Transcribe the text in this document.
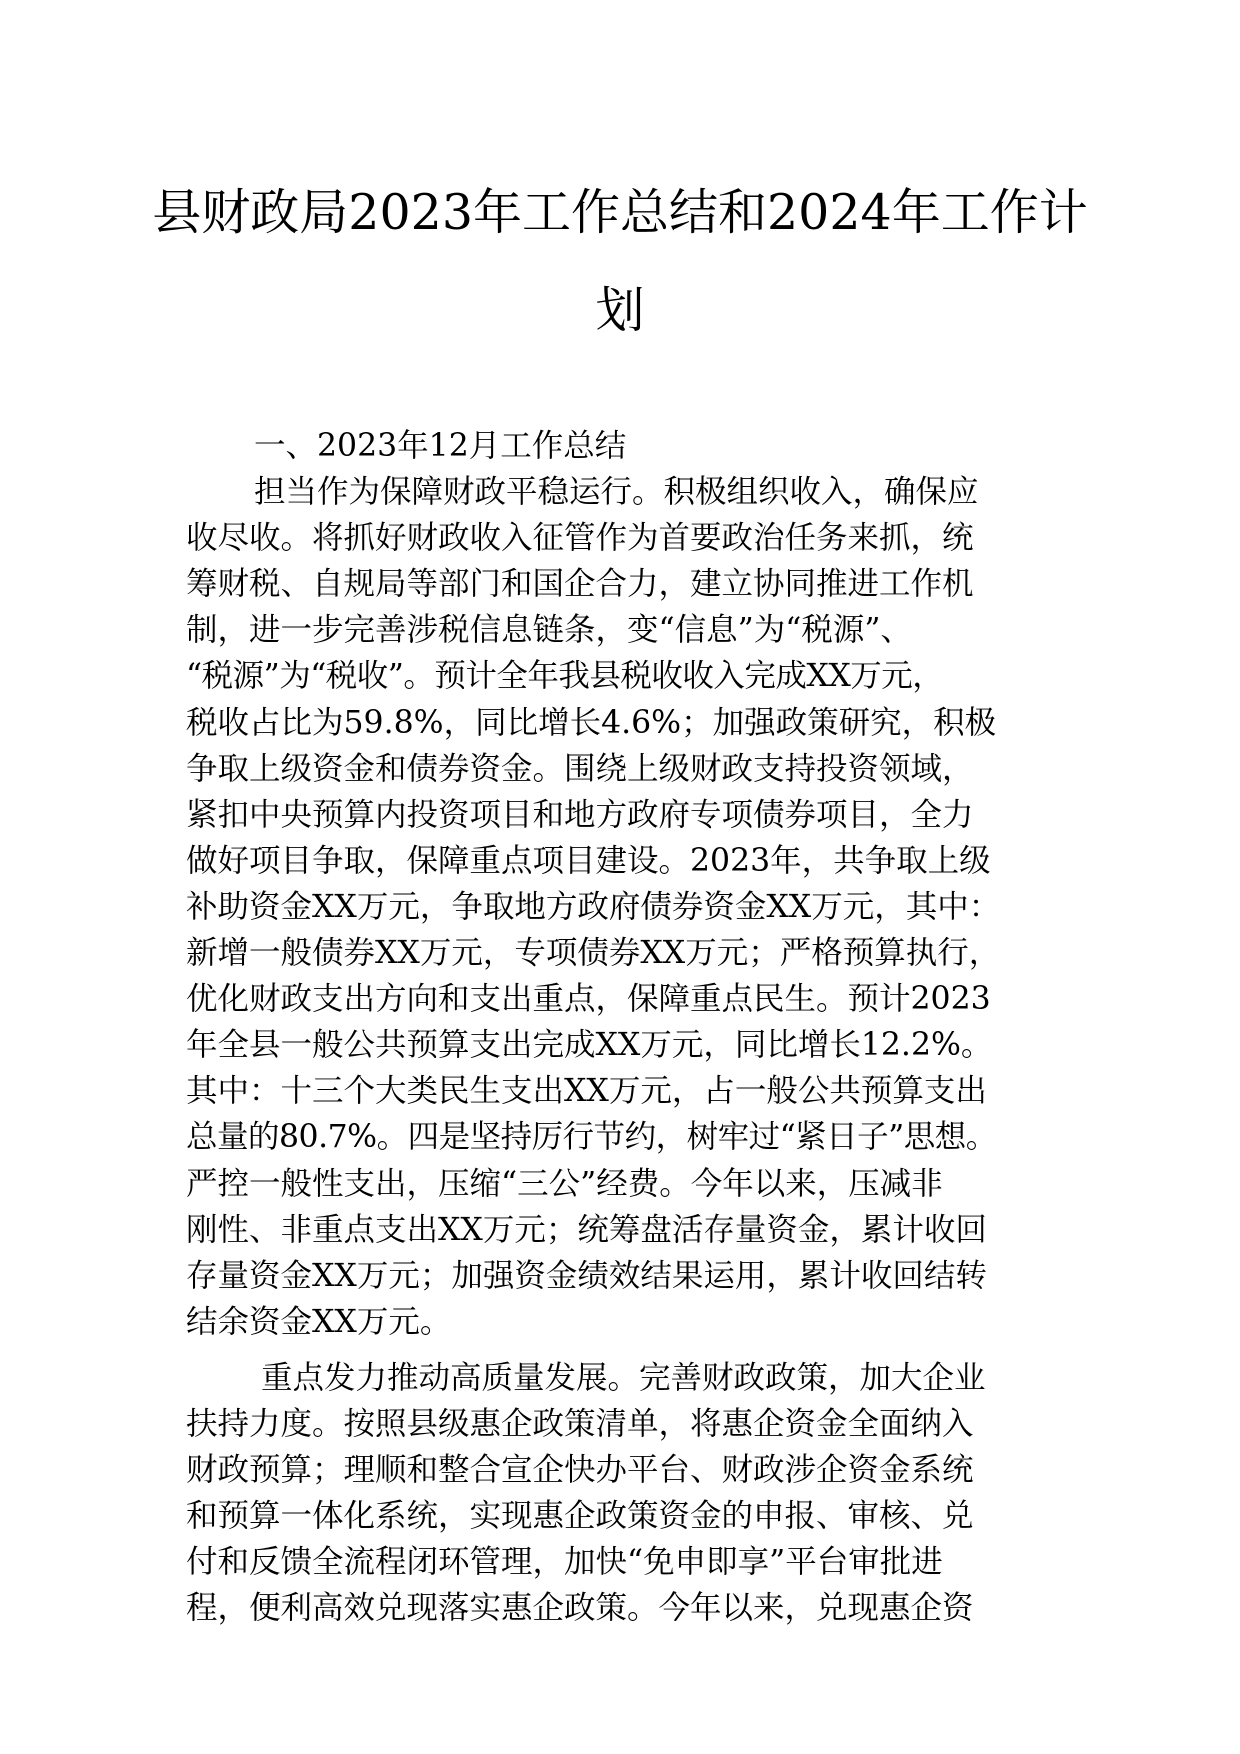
县财政局2023年工作总结和2024年工作计
划
一、2023年12月工作总结
担当作为保障财政平稳运行。积极组织收入，确保应
收尽收。将抓好财政收入征管作为首要政治任务来抓，统
筹财税、自规局等部门和国企合力，建立协同推进工作机
制，进一步完善涉税信息链条，变“信息”为“税源”、
“税源”为“税收”。预计全年我县税收收入完成XX万元，
税收占比为59.8%，同比增长4.6%；加强政策研究，积极
争取上级资金和债券资金。围绕上级财政支持投资领域，
紧扣中央预算内投资项目和地方政府专项债券项目，全力
做好项目争取，保障重点项目建设。2023年，共争取上级
补助资金XX万元，争取地方政府债券资金XX万元，其中：
新增一般债券XX万元，专项债券XX万元；严格预算执行，
优化财政支出方向和支出重点，保障重点民生。预计2023
年全县一般公共预算支出完成XX万元，同比增长12.2%。
其中：十三个大类民生支出XX万元，占一般公共预算支出
总量的80.7%。四是坚持厉行节约，树牢过“紧日子”思想。
严控一般性支出，压缩“三公”经费。今年以来，压减非
刚性、非重点支出XX万元；统筹盘活存量资金，累计收回
存量资金XX万元；加强资金绩效结果运用，累计收回结转
结余资金XX万元。
重点发力推动高质量发展。完善财政政策，加大企业
扶持力度。按照县级惠企政策清单，将惠企资金全面纳入
财政预算；理顺和整合宣企快办平台、财政涉企资金系统
和预算一体化系统，实现惠企政策资金的申报、审核、兑
付和反馈全流程闭环管理，加快“免申即享”平台审批进
程，便利高效兑现落实惠企政策。今年以来，兑现惠企资
